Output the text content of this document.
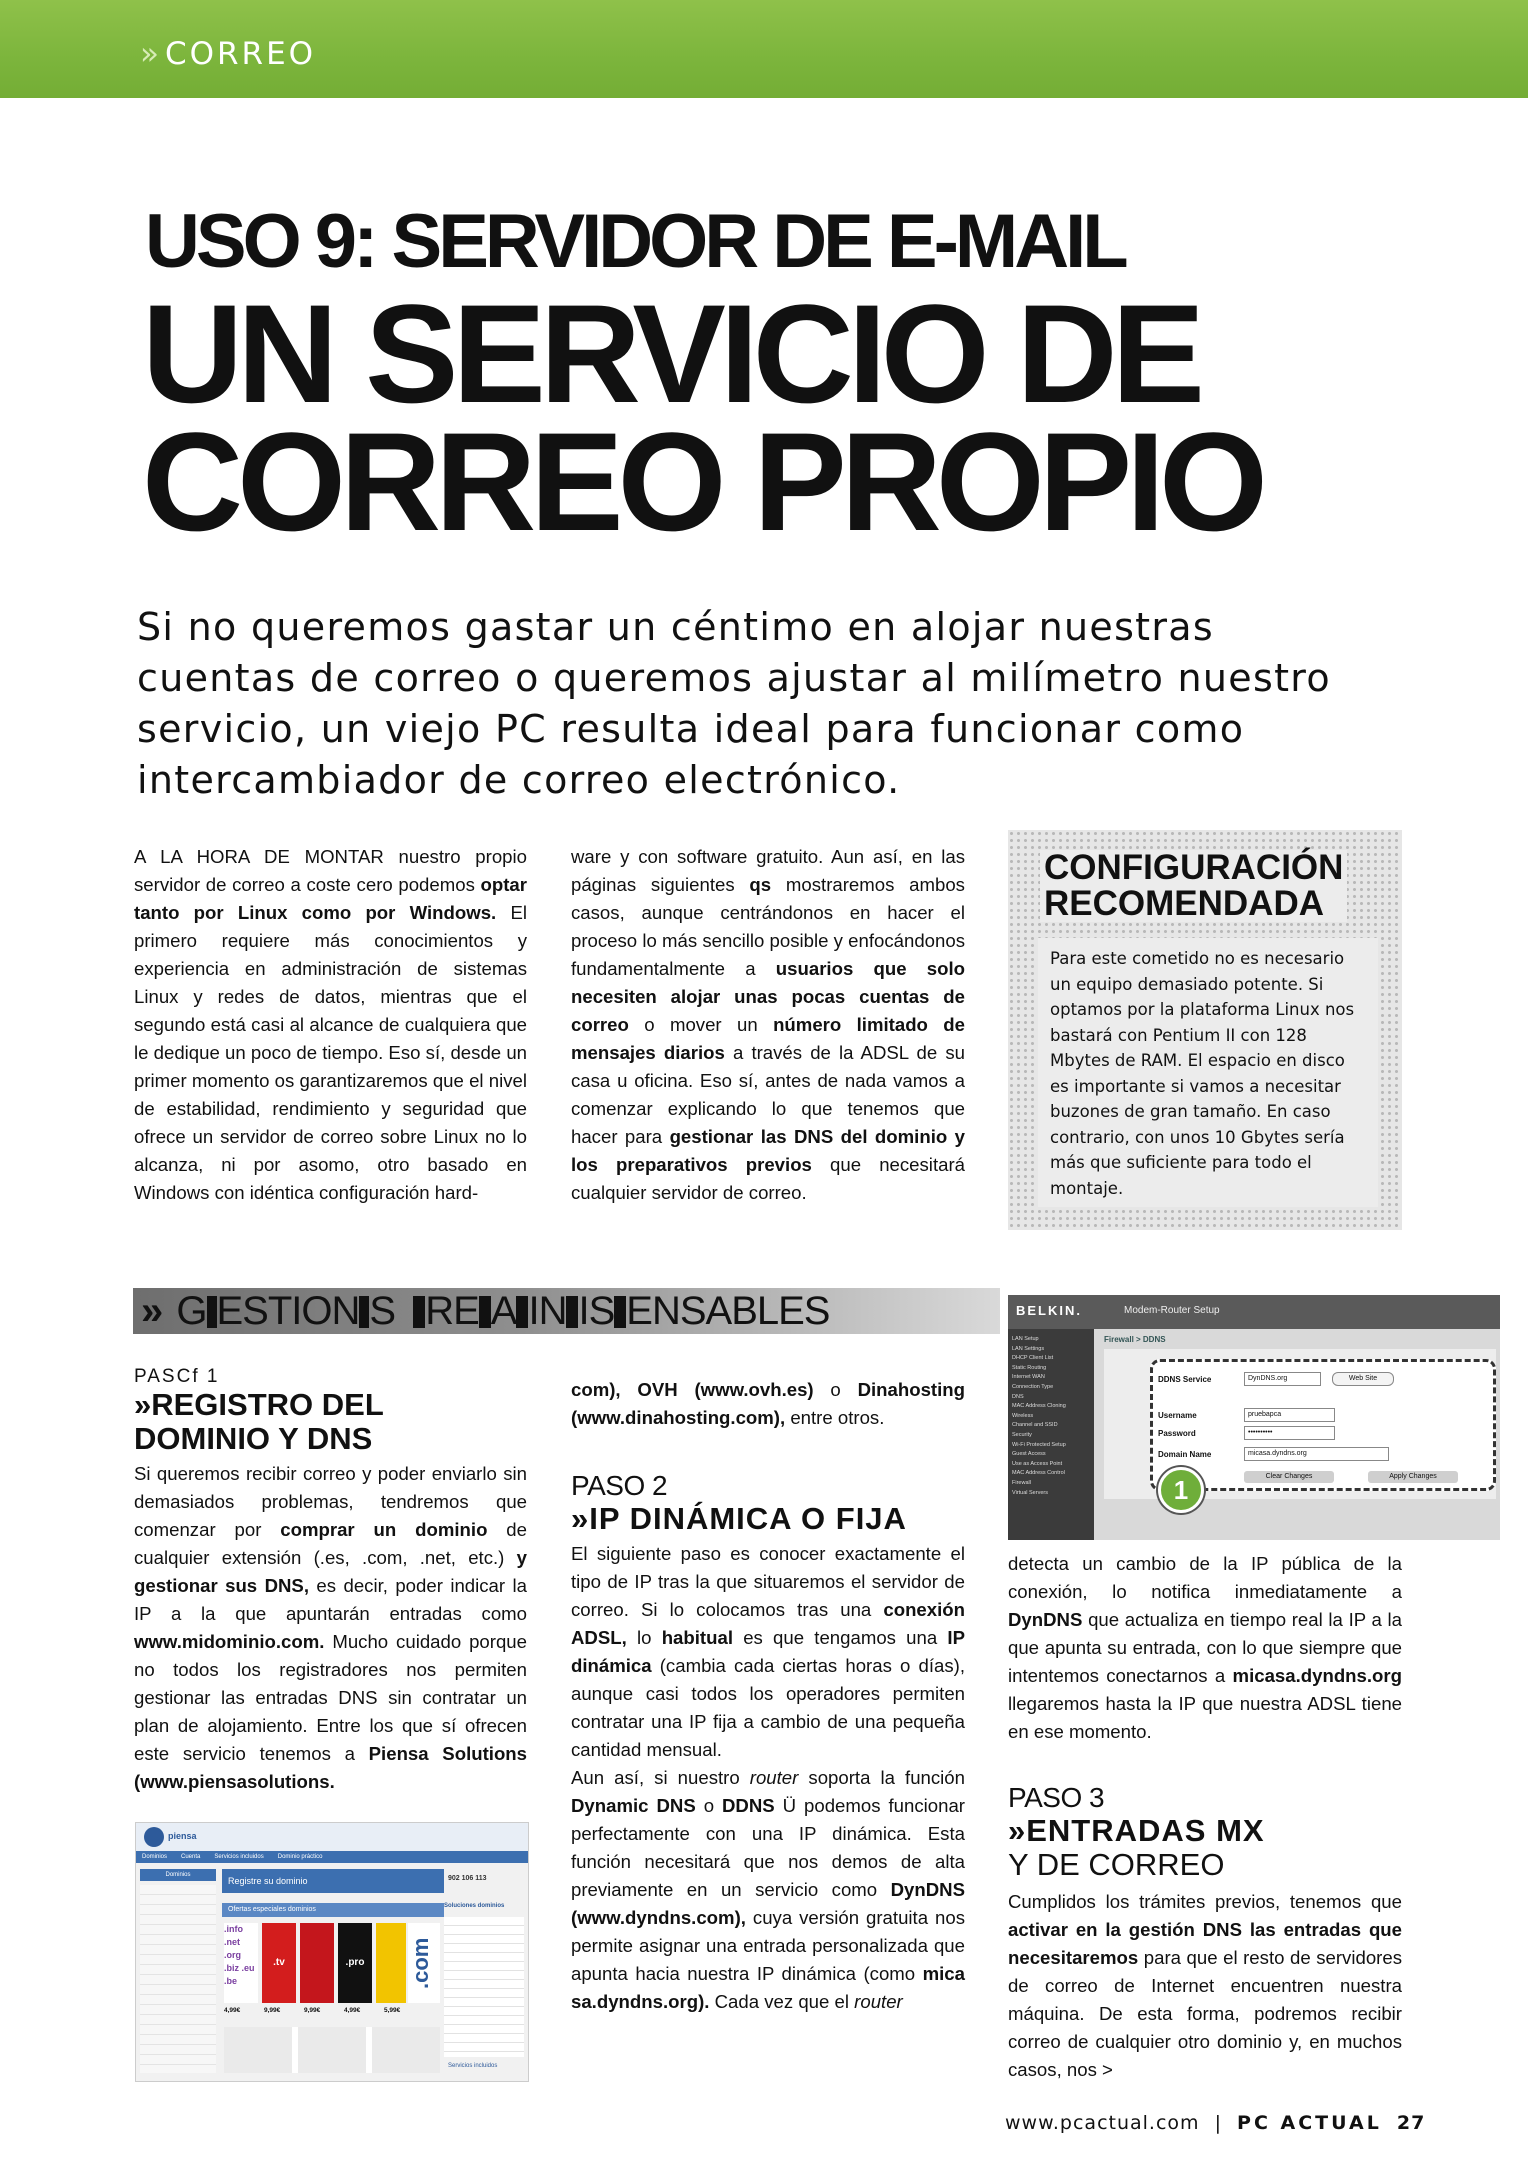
» CORREO
USO 9: SERVIDOR DE E-MAIL
UN SERVICIO DE
CORREO PROPIO

Si no queremos gastar un céntimo en alojar nuestras cuentas de correo o queremos ajustar al milímetro nuestro servicio, un viejo PC resulta ideal para funcionar como intercambiador de correo electrónico.

A LA HORA DE MONTAR nuestro propio servidor de correo a coste cero podemos optar tanto por Linux como por Windows. El primero requiere más conocimientos y experiencia en administración de sistemas Linux y redes de datos, mientras que el segundo está casi al alcance de cualquiera que le dedique un poco de tiempo. Eso sí, desde un primer momento os garantizaremos que el nivel de estabilidad, rendimiento y seguridad que ofrece un servidor de correo sobre Linux no lo alcanza, ni por asomo, otro basado en Windows con idéntica configuración hard-

ware y con software gratuito. Aun así, en las páginas siguientes qs mostraremos ambos casos, aunque centrándonos en hacer el proceso lo más sencillo posible y enfocándonos fundamentalmente a usuarios que solo necesiten alojar unas pocas cuentas de correo o mover un número limitado de mensajes diarios a través de la ADSL de su casa u oficina. Eso sí, antes de nada vamos a comenzar explicando lo que tenemos que hacer para gestionar las DNS del dominio y los preparativos previos que necesitará cualquier servidor de correo.

CONFIGURACIÓN
RECOMENDADA

Para este cometido no es necesario un equipo demasiado potente. Si optamos por la plataforma Linux nos bastará con Pentium II con 128 Mbytes de RAM. El espacio en disco es importante si vamos a necesitar buzones de gran tamaño. En caso contrario, con unos 10 Gbytes sería más que suficiente para todo el montaje.

» G ESTION S RE A IN IS ENSABLES	BELKIN.	Modem-Router Setup
LAN Setup
LAN Settings
DHCP Client List
Static Routing
Internet WAN
Connection Type
DNS
MAC Address Cloning
Wireless
Channel and SSID
Security
Wi-Fi Protected Setup
Guest Access
Use as Access Point
MAC Address Control
Firewall
Virtual Servers
Firewall > DDNS
DDNS Service	DynDNS.org	Web Site
Username	pruebapca
Password	••••••••••
Domain Name	micasa.dyndns.org
Clear Changes	Apply Changes
1
PASCf 1
»REGISTRO DEL
DOMINIO Y DNS

Si queremos recibir correo y poder enviarlo sin demasiados problemas, tendremos que comenzar por comprar un dominio de cualquier extensión (.es, .com, .net, etc.) y gestionar sus DNS, es decir, poder indicar la IP a la que apuntarán entradas como www.midominio.com. Mucho cuidado porque no todos los registradores nos permiten gestionar las entradas DNS sin contratar un plan de alojamiento. Entre los que sí ofrecen este servicio tenemos a Piensa Solutions (www.piensasolutions.

com), OVH (www.ovh.es) o Dinahosting (www.dinahosting.com), entre otros.

PASO 2
»IP DINÁMICA O FIJA

El siguiente paso es conocer exactamente el tipo de IP tras la que situaremos el servidor de correo. Si lo colocamos tras una conexión ADSL, lo habitual es que tengamos una IP dinámica (cambia cada ciertas horas o días), aunque casi todos los operadores permiten contratar una IP fija a cambio de una pequeña cantidad mensual.

Aun así, si nuestro router soporta la función Dynamic DNS o DDNS Ü podemos funcionar perfectamente con una IP dinámica. Esta función necesitará que nos demos de alta previamente en un servicio como DynDNS (www.dyndns.com), cuya versión gratuita nos permite asignar una entrada personalizada que apunta hacia nuestra IP dinámica (como mica sa.dyndns.org). Cada vez que el router

detecta un cambio de la IP pública de la conexión, lo notifica inmediatamente a DynDNS que actualiza en tiempo real la IP a la que apunta su entrada, con lo que siempre que intentemos conectarnos a micasa.dyndns.org llegaremos hasta la IP que nuestra ADSL tiene en ese momento.

PASO 3
»ENTRADAS MX
Y DE CORREO

Cumplidos los trámites previos, tenemos que activar en la gestión DNS las entradas que necesitaremos para que el resto de servidores de correo de Internet encuentren nuestra máquina. De esta forma, podremos recibir correo de cualquier otro dominio y, en muchos casos, nos >

piensa
Dominios Cuenta Servicios incluidos Dominio práctico
Dominios
Registre su dominio	902 106 113
Ofertas especiales dominios
.info .net .org .biz .eu .be
.tv	.pro	.com
4,99€	9,99€	9,99€	4,99€	5,99€
Soluciones dominios
Servicios incluidos
www.pcactual.com | PC ACTUAL 27
